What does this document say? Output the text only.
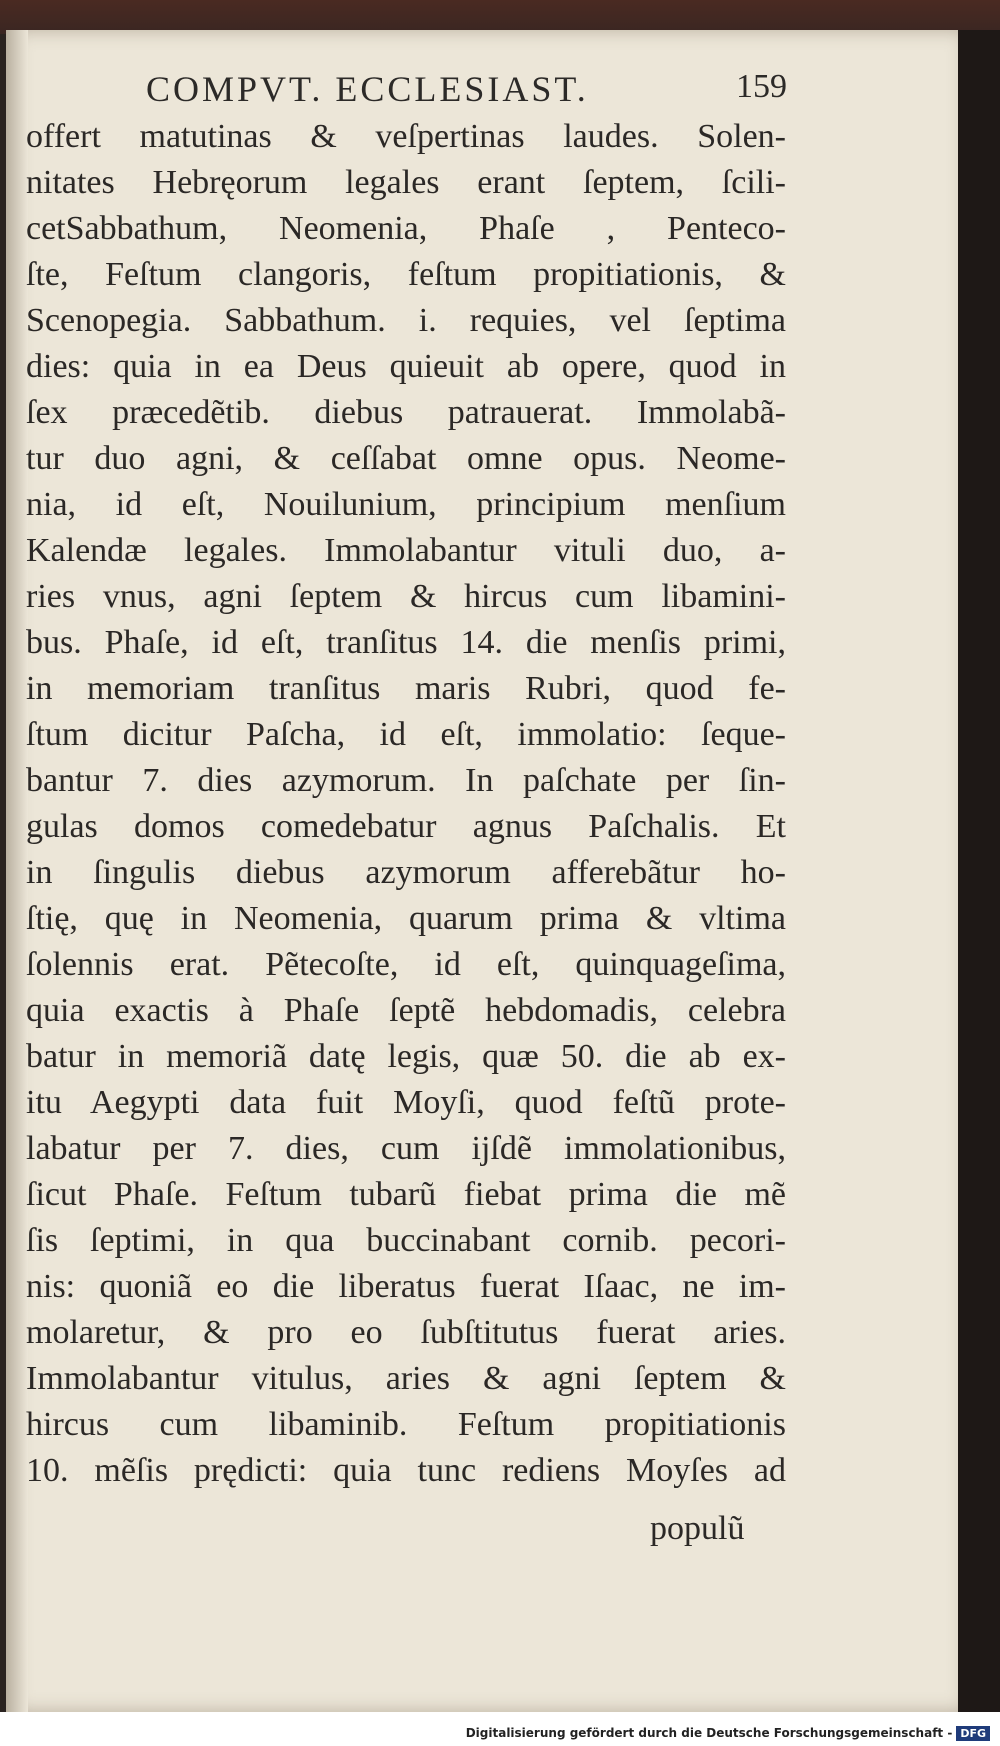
COMPVT. ECCLESIAST.	159
offert matutinas & veſpertinas laudes. Solen-
nitates Hebręorum legales erant ſeptem, ſcili-
cetSabbathum, Neomenia, Phaſe , Penteco-
ſte, Feſtum clangoris, feſtum propitiationis, &
Scenopegia. Sabbathum. i. requies, vel ſeptima
dies: quia in ea Deus quieuit ab opere, quod in
ſex præcedẽtib. diebus patrauerat. Immolabã-
tur duo agni, & ceſſabat omne opus. Neome-
nia, id eſt, Nouilunium, principium menſium
Kalendæ legales. Immolabantur vituli duo, a-
ries vnus, agni ſeptem & hircus cum libamini-
bus. Phaſe, id eſt, tranſitus 14. die menſis primi,
in memoriam tranſitus maris Rubri, quod fe-
ſtum dicitur Paſcha, id eſt, immolatio: ſeque-
bantur 7. dies azymorum. In paſchate per ſin-
gulas domos comedebatur agnus Paſchalis. Et
in ſingulis diebus azymorum afferebãtur ho-
ſtię, quę in Neomenia, quarum prima & vltima
ſolennis erat. Pẽtecoſte, id eſt, quinquageſima,
quia exactis à Phaſe ſeptẽ hebdomadis, celebra
batur in memoriã datę legis, quæ 50. die ab ex-
itu Aegypti data fuit Moyſi, quod feſtũ prote-
labatur per 7. dies, cum ijſdẽ immolationibus,
ſicut Phaſe. Feſtum tubarũ fiebat prima die mẽ
ſis ſeptimi, in qua buccinabant cornib. pecori-
nis: quoniã eo die liberatus fuerat Iſaac, ne im-
molaretur, & pro eo ſubſtitutus fuerat aries.
Immolabantur vitulus, aries & agni ſeptem &
hircus cum libaminib. Feſtum propitiationis
10. mẽſis prędicti: quia tunc rediens Moyſes ad
populũ
Digitalisierung gefördert durch die Deutsche Forschungsgemeinschaft - DFG
